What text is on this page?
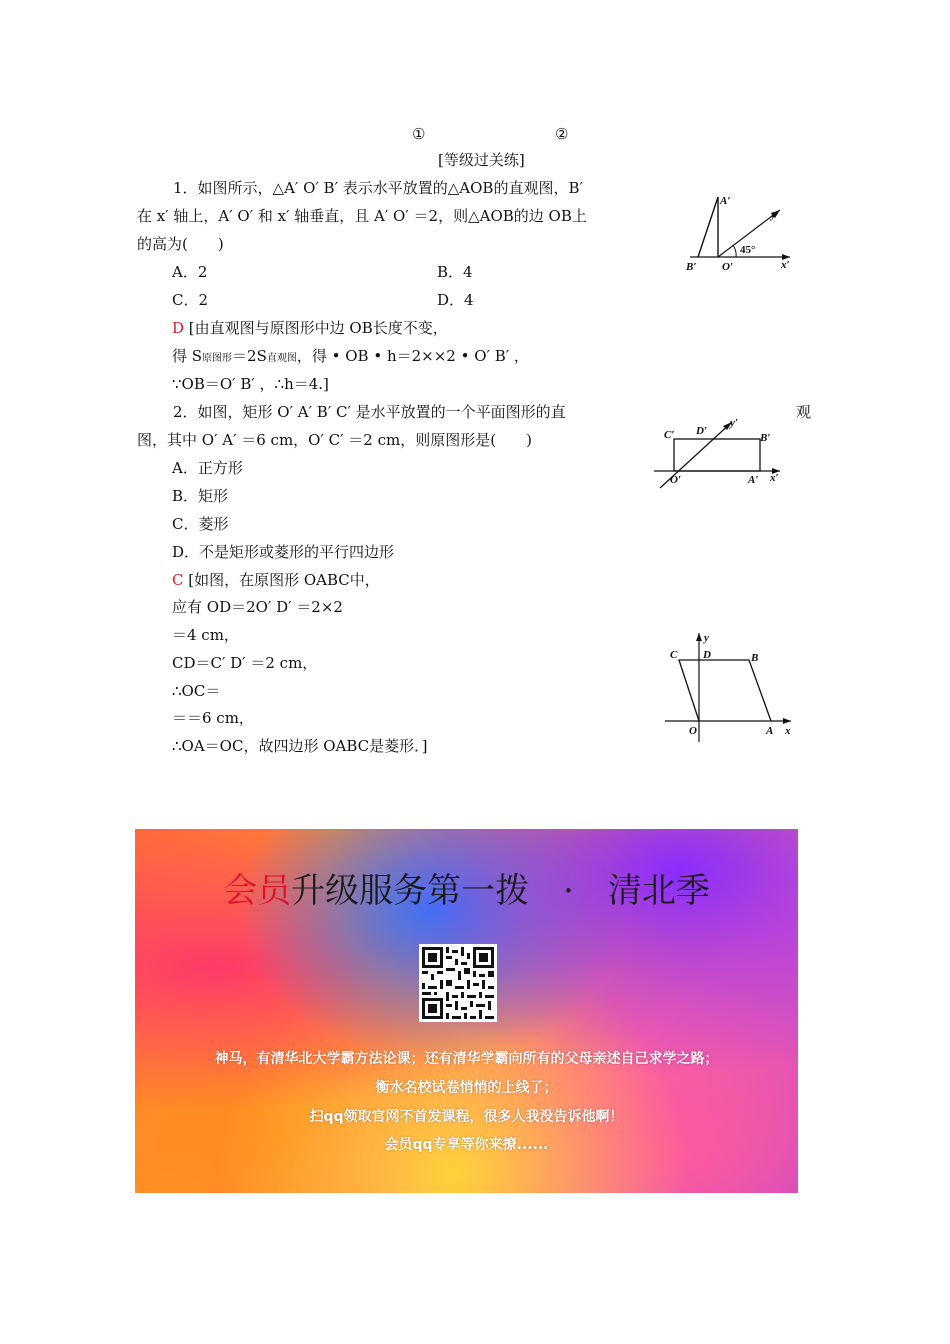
①	②
[等级过关练]
1．如图所示，△A′ O′ B′ 表示水平放置的△AOB的直观图，B′
在 x′ 轴上，A′ O′ 和 x′ 轴垂直，且 A′ O′ ＝2，则△AOB的边 OB上
的高为(　　)
A．2	B．4
C．2	D．4
D [由直观图与原图形中边 OB长度不变，
得 S原图形＝2S直观图，得 • OB • h＝2××2 • O′ B′ ，
∵OB＝O′ B′ ，∴h＝4.]
A′
B′ O′
y′
x′
45°
2．如图，矩形 O′ A′ B′ C′ 是水平放置的一个平面图形的直	观
图，其中 O′ A′ ＝6 cm，O′ C′ ＝2 cm，则原图形是(　　)
A．正方形
B．矩形
C．菱形
D．不是矩形或菱形的平行四边形
C [如图，在原图形 OABC中，
应有 OD＝2O′ D′ ＝2×2
＝4 cm，
CD＝C′ D′ ＝2 cm，
∴OC＝
＝＝6 cm，
∴OA＝OC，故四边形 OABC是菱形．]
C′ D′
B′
O′	A′
y′
x′
C D	B
O	A
y
x
会员升级服务第一拨　·　清北季
神马，有清华北大学霸方法论课；还有清华学霸向所有的父母亲述自己求学之路；
衡水名校试卷悄悄的上线了；
扫qq领取官网不首发课程，很多人我没告诉他啊！
会员qq专享等你来撩......
